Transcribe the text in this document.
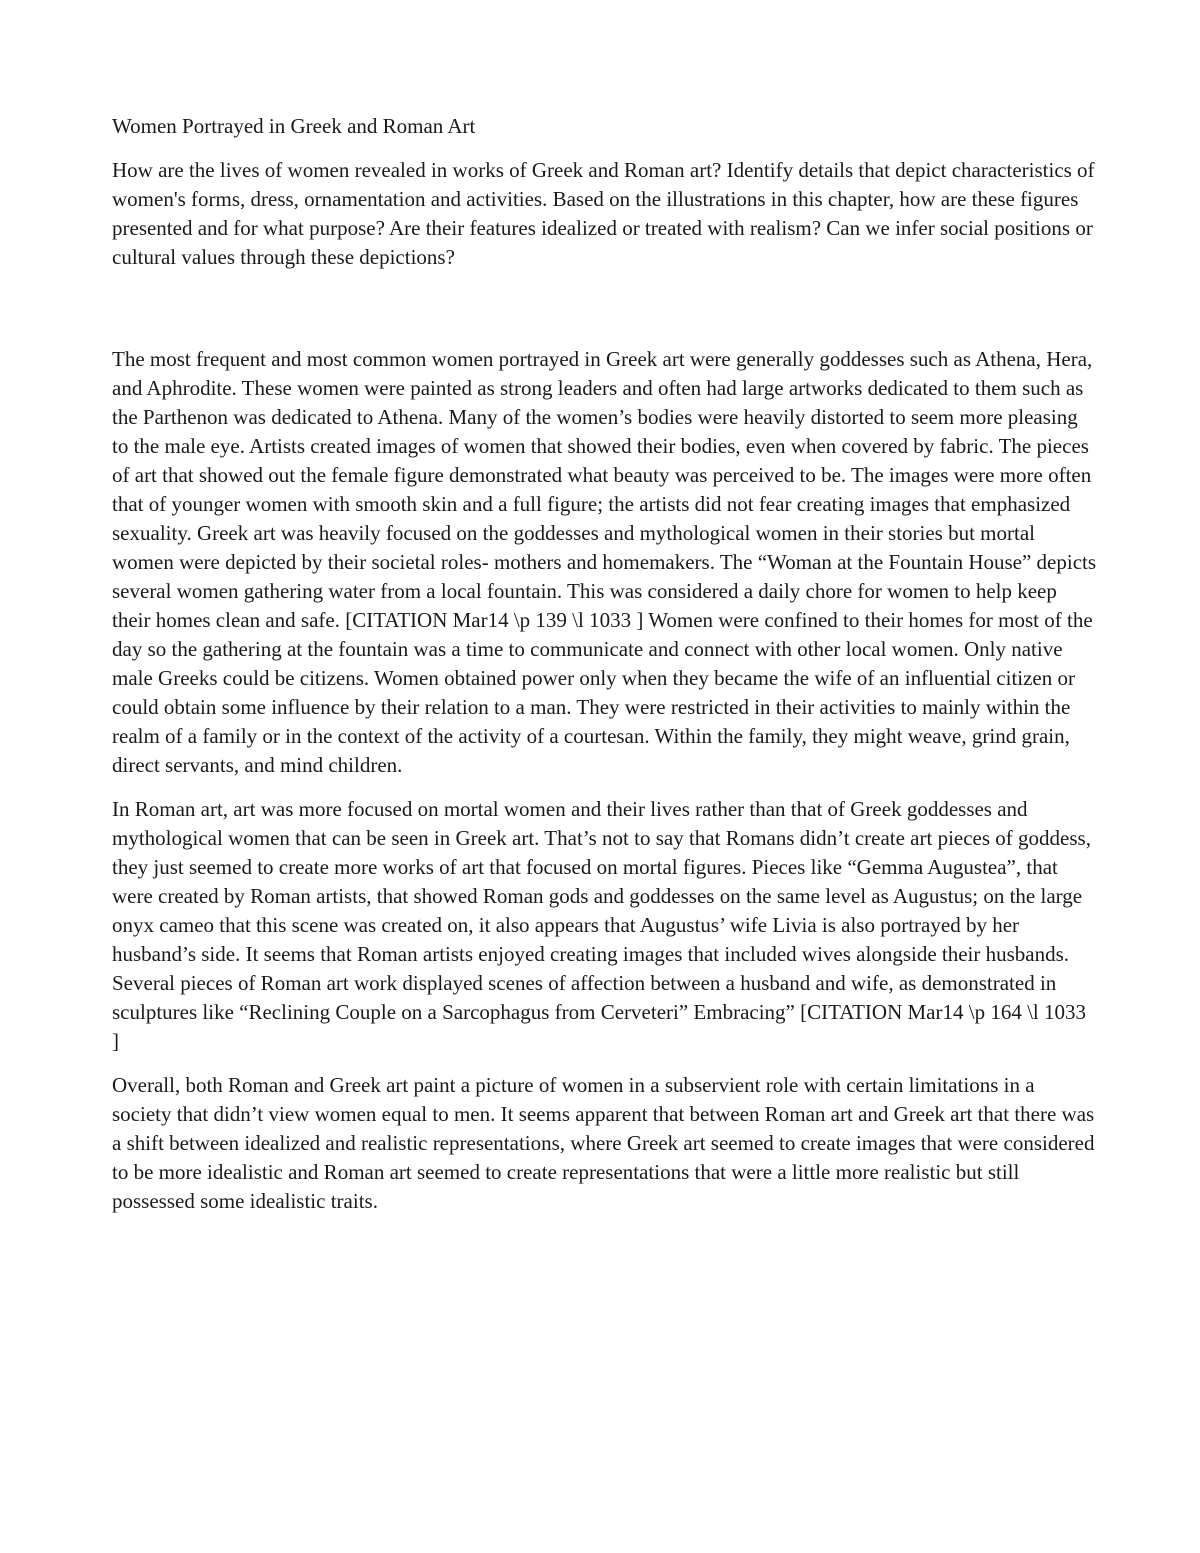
Women Portrayed in Greek and Roman Art

How are the lives of women revealed in works of Greek and Roman art? Identify details that depict characteristics of women's forms, dress, ornamentation and activities. Based on the illustrations in this chapter, how are these figures presented and for what purpose? Are their features idealized or treated with realism? Can we infer social positions or cultural values through these depictions?

The most frequent and most common women portrayed in Greek art were generally goddesses such as Athena, Hera, and Aphrodite. These women were painted as strong leaders and often had large artworks dedicated to them such as the Parthenon was dedicated to Athena. Many of the women’s bodies were heavily distorted to seem more pleasing to the male eye. Artists created images of women that showed their bodies, even when covered by fabric. The pieces of art that showed out the female figure demonstrated what beauty was perceived to be. The images were more often that of younger women with smooth skin and a full figure; the artists did not fear creating images that emphasized sexuality. Greek art was heavily focused on the goddesses and mythological women in their stories but mortal women were depicted by their societal roles- mothers and homemakers. The “Woman at the Fountain House” depicts several women gathering water from a local fountain. This was considered a daily chore for women to help keep their homes clean and safe. [CITATION Mar14 \p 139 \l 1033 ] Women were confined to their homes for most of the day so the gathering at the fountain was a time to communicate and connect with other local women. Only native male Greeks could be citizens. Women obtained power only when they became the wife of an influential citizen or could obtain some influence by their relation to a man. They were restricted in their activities to mainly within the realm of a family or in the context of the activity of a courtesan. Within the family, they might weave, grind grain, direct servants, and mind children.

In Roman art, art was more focused on mortal women and their lives rather than that of Greek goddesses and mythological women that can be seen in Greek art. That’s not to say that Romans didn’t create art pieces of goddess, they just seemed to create more works of art that focused on mortal figures. Pieces like “Gemma Augustea”, that were created by Roman artists, that showed Roman gods and goddesses on the same level as Augustus; on the large onyx cameo that this scene was created on, it also appears that Augustus’ wife Livia is also portrayed by her husband’s side. It seems that Roman artists enjoyed creating images that included wives alongside their husbands. Several pieces of Roman art work displayed scenes of affection between a husband and wife, as demonstrated in sculptures like “Reclining Couple on a Sarcophagus from Cerveteri” Embracing” [CITATION Mar14 \p 164 \l 1033 ]

Overall, both Roman and Greek art paint a picture of women in a subservient role with certain limitations in a society that didn’t view women equal to men. It seems apparent that between Roman art and Greek art that there was a shift between idealized and realistic representations, where Greek art seemed to create images that were considered to be more idealistic and Roman art seemed to create representations that were a little more realistic but still possessed some idealistic traits.
